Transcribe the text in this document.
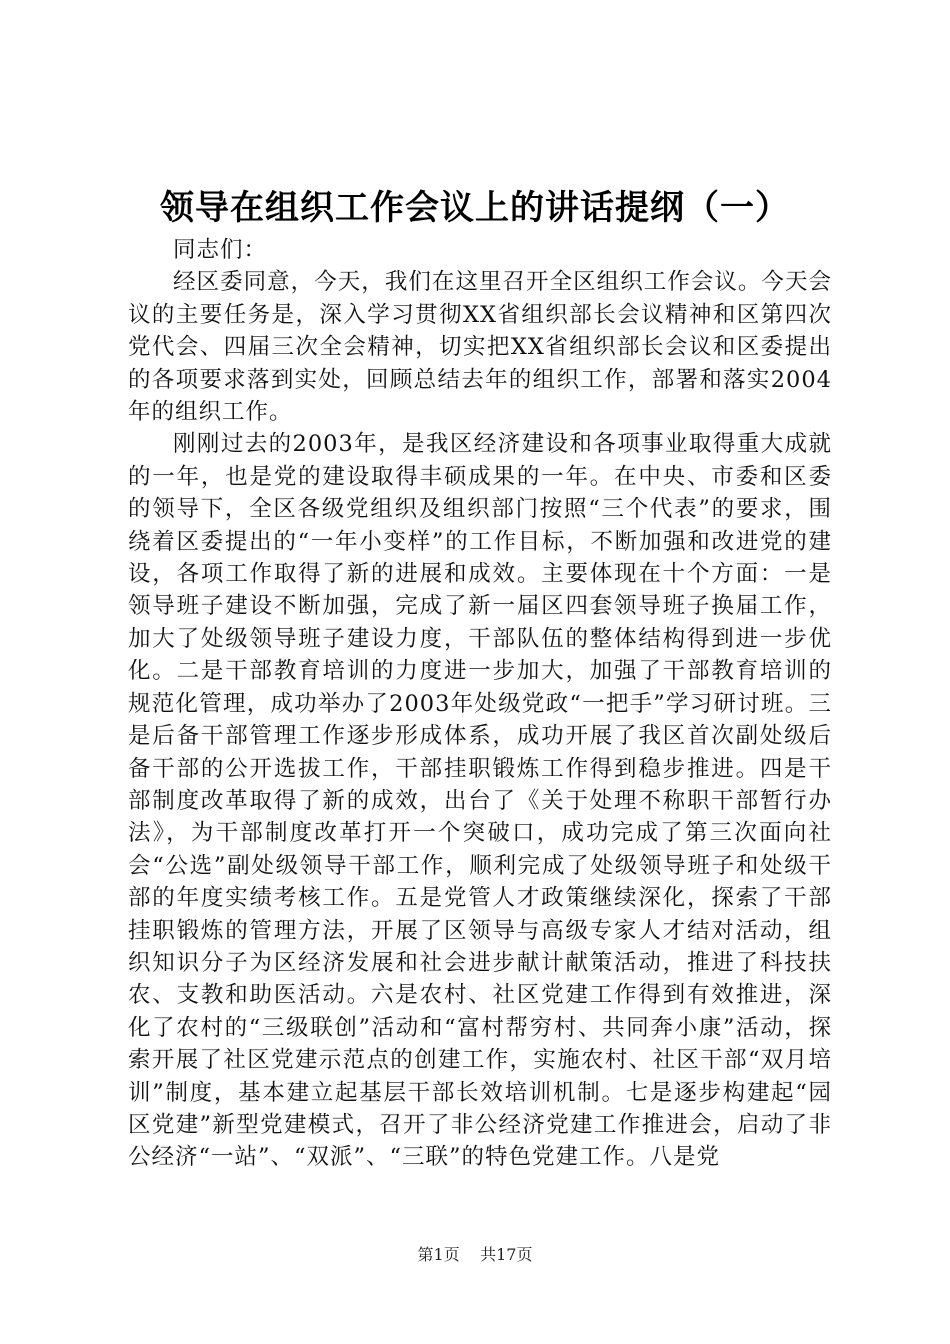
领导在组织工作会议上的讲话提纲（一）

同志们：

经区委同意，今天，我们在这里召开全区组织工作会议。今天会议的主要任务是，深入学习贯彻XX省组织部长会议精神和区第四次党代会、四届三次全会精神，切实把XX省组织部长会议和区委提出的各项要求落到实处，回顾总结去年的组织工作，部署和落实2004年的组织工作。

刚刚过去的2003年，是我区经济建设和各项事业取得重大成就的一年，也是党的建设取得丰硕成果的一年。在中央、市委和区委的领导下，全区各级党组织及组织部门按照“三个代表”的要求，围绕着区委提出的“一年小变样”的工作目标，不断加强和改进党的建设，各项工作取得了新的进展和成效。主要体现在十个方面：一是领导班子建设不断加强，完成了新一届区四套领导班子换届工作，加大了处级领导班子建设力度，干部队伍的整体结构得到进一步优化。二是干部教育培训的力度进一步加大，加强了干部教育培训的规范化管理，成功举办了2003年处级党政“一把手”学习研讨班。三是后备干部管理工作逐步形成体系，成功开展了我区首次副处级后备干部的公开选拔工作，干部挂职锻炼工作得到稳步推进。四是干部制度改革取得了新的成效，出台了《关于处理不称职干部暂行办法》，为干部制度改革打开一个突破口，成功完成了第三次面向社会“公选”副处级领导干部工作，顺利完成了处级领导班子和处级干部的年度实绩考核工作。五是党管人才政策继续深化，探索了干部挂职锻炼的管理方法，开展了区领导与高级专家人才结对活动，组织知识分子为区经济发展和社会进步献计献策活动，推进了科技扶农、支教和助医活动。六是农村、社区党建工作得到有效推进，深化了农村的“三级联创”活动和“富村帮穷村、共同奔小康”活动，探索开展了社区党建示范点的创建工作，实施农村、社区干部“双月培训”制度，基本建立起基层干部长效培训机制。七是逐步构建起“园区党建”新型党建模式，召开了非公经济党建工作推进会，启动了非公经济“一站”、“双派”、“三联”的特色党建工作。八是党

第1页 共17页
